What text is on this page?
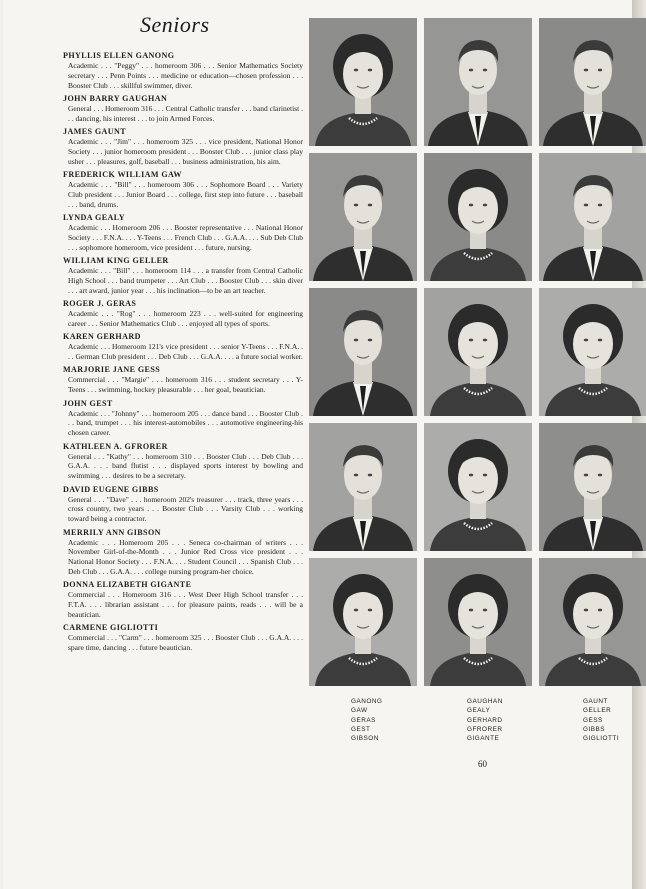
Seniors
PHYLLIS ELLEN GANONG
Academic . . . "Peggy" . . . homeroom 306 . . . Senior Mathematics Society secretary . . . Penn Points . . . medicine or education—chosen profession . . . Booster Club . . . skillful swimmer, diver.
JOHN BARRY GAUGHAN
General . . . Homeroom 316 . . . Central Catholic transfer . . . band clarinetist . . . dancing, his interest . . . to join Armed Forces.
JAMES GAUNT
Academic . . . "Jim" . . . homeroom 325 . . . vice president, National Honor Society . . . junior homeroom president . . . Booster Club . . . junior class play usher . . . pleasures, golf, baseball . . . business administration, his aim.
FREDERICK WILLIAM GAW
Academic . . . "Bill" . . . homeroom 306 . . . Sophomore Board . . . Variety Club president . . . Junior Board . . . college, first step into future . . . baseball . . . band, drums.
LYNDA GEALY
Academic . . . Homeroom 206 . . . Booster representative . . . National Honor Society . . . F.N.A. . . . Y-Teens . . . French Club . . . G.A.A. . . . Sub Deb Club . . . sophomore homeroom, vice president . . . future, nursing.
WILLIAM KING GELLER
Academic . . . "Bill" . . . homeroom 114 . . . a transfer from Central Catholic High School . . . band trumpeter . . . Art Club . . . Booster Club . . . skin diver . . . art award, junior year . . . his inclination—to be an art teacher.
ROGER J. GERAS
Academic . . . "Rog" . . . homeroom 223 . . . well-suited for engineering career . . . Senior Mathematics Club . . . enjoyed all types of sports.
KAREN GERHARD
Academic . . . Homeroom 121's vice president . . . senior Y-Teens . . . F.N.A. . . . German Club president . . . Deb Club . . . G.A.A. . . . a future social worker.
MARJORIE JANE GESS
Commercial . . . "Margie" . . . homeroom 316 . . . student secretary . . . Y-Teens . . . swimming, hockey pleasurable . . . her goal, beautician.
JOHN GEST
Academic . . . "Johnny" . . . homeroom 205 . . . dance band . . . Booster Club . . . band, trumpet . . . his interest-automobiles . . . automotive engineering-his chosen career.
KATHLEEN A. GFRORER
General . . . "Kathy" . . . homeroom 310 . . . Booster Club . . . Deb Club . . . G.A.A. . . . band flutist . . . displayed sports interest by bowling and swimming . . . desires to be a secretary.
DAVID EUGENE GIBBS
General . . . "Dave" . . . homeroom 202's treasurer . . . track, three years . . . cross country, two years . . . Booster Club . . . Varsity Club . . . working toward being a contractor.
MERRILY ANN GIBSON
Academic . . . Homeroom 205 . . . Seneca co-chairman of writers . . . November Girl-of-the-Month . . . Junior Red Cross vice president . . . National Honor Society . . . F.N.A. . . . Student Council . . . Spanish Club . . . Deb Club . . . G.A.A. . . . college nursing program-her choice.
DONNA ELIZABETH GIGANTE
Commercial . . . Homeroom 316 . . . West Deer High School transfer . . . F.T.A. . . . librarian assistant . . . for pleasure paints, reads . . . will be a beautician.
CARMENE GIGLIOTTI
Commercial . . . "Carm" . . . homeroom 325 . . . Booster Club . . . G.A.A. . . . spare time, dancing . . . future beautician.
GANONG
GAW
GERAS
GEST
GIBSON
GAUGHAN
GEALY
GERHARD
GFRORER
GIGANTE
GAUNT
GELLER
GESS
GIBBS
GIGLIOTTI
60
